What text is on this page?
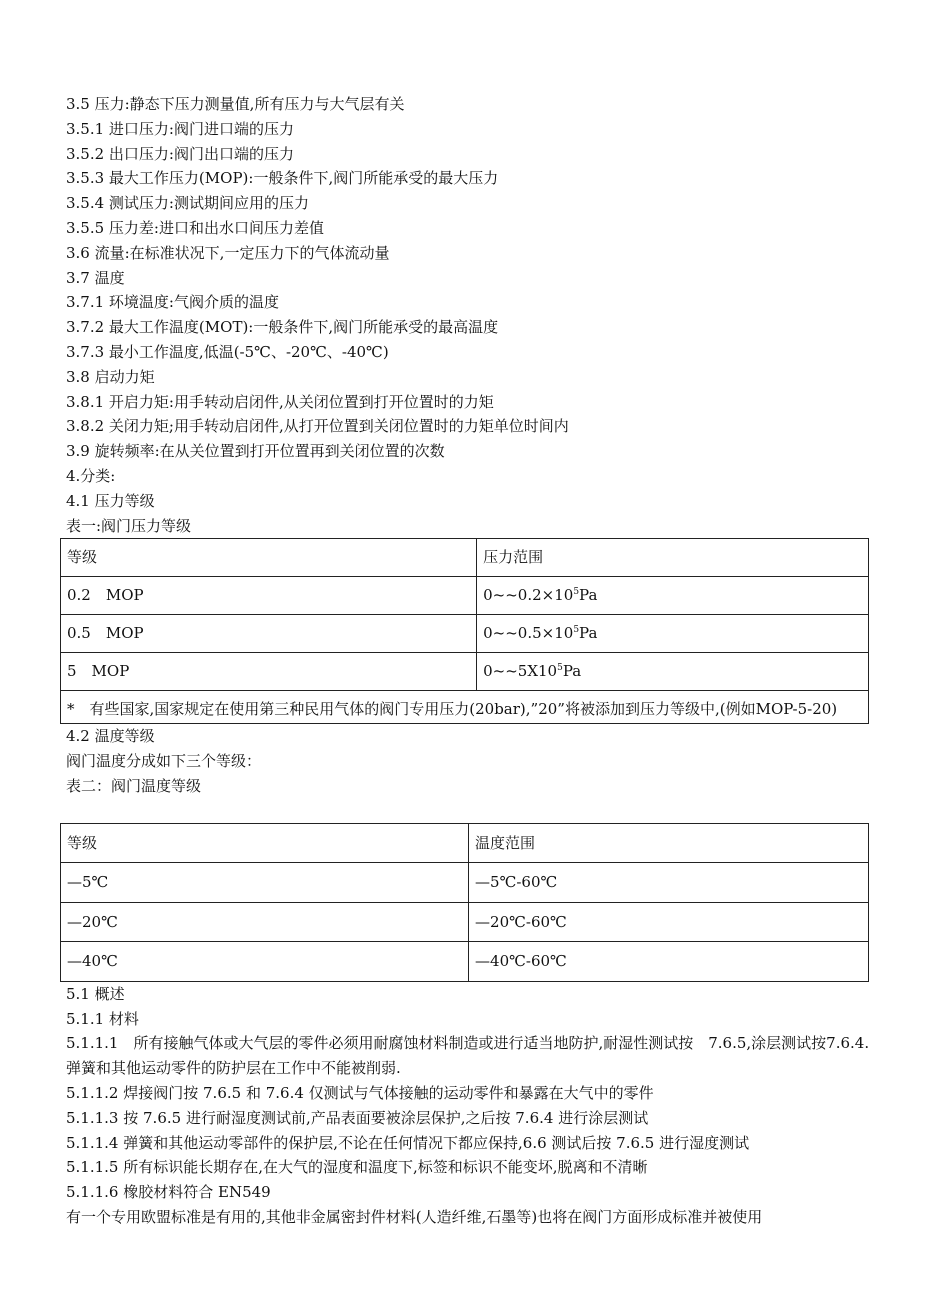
3.5 压力:静态下压力测量值,所有压力与大气层有关
3.5.1 进口压力:阀门进口端的压力
3.5.2 出口压力:阀门出口端的压力
3.5.3 最大工作压力(MOP):一般条件下,阀门所能承受的最大压力
3.5.4 测试压力:测试期间应用的压力
3.5.5 压力差:进口和出水口间压力差值
3.6 流量:在标准状况下,一定压力下的气体流动量
3.7 温度
3.7.1 环境温度:气阀介质的温度
3.7.2 最大工作温度(MOT):一般条件下,阀门所能承受的最高温度
3.7.3 最小工作温度,低温(-5℃、-20℃、-40℃)
3.8 启动力矩
3.8.1 开启力矩:用手转动启闭件,从关闭位置到打开位置时的力矩
3.8.2 关闭力矩;用手转动启闭件,从打开位置到关闭位置时的力矩单位时间内
3.9 旋转频率:在从关位置到打开位置再到关闭位置的次数
4.分类:
4.1 压力等级
表一:阀门压力等级
等级	压力范围
0.2　MOP	$0\sim\sim 0.2\times 10^5Pa$
0.5　MOP	$0\sim\sim 0.5\times 10^5Pa$
5　MOP	$0\sim\sim 5X10^5Pa$
*　有些国家,国家规定在使用第三种民用气体的阀门专用压力(20bar),”20”将被添加到压力等级中,(例如MOP-5-20)	
4.2 温度等级
阀门温度分成如下三个等级：
表二：阀门温度等级
等级	温度范围
—5℃	—5℃-60℃
—20℃	—20℃-60℃
—40℃	—40℃-60℃
5.1 概述
5.1.1 材料
5.1.1.1　所有接触气体或大气层的零件必须用耐腐蚀材料制造或进行适当地防护,耐湿性测试按　7.6.5,涂层测试按7.6.4.
弹簧和其他运动零件的防护层在工作中不能被削弱.
5.1.1.2 焊接阀门按 7.6.5 和 7.6.4 仅测试与气体接触的运动零件和暴露在大气中的零件
5.1.1.3 按 7.6.5 进行耐湿度测试前,产品表面要被涂层保护,之后按 7.6.4 进行涂层测试
5.1.1.4 弹簧和其他运动零部件的保护层,不论在任何情况下都应保持,6.6 测试后按 7.6.5 进行湿度测试
5.1.1.5 所有标识能长期存在,在大气的湿度和温度下,标签和标识不能变坏,脱离和不清晰
5.1.1.6 橡胶材料符合 EN549
有一个专用欧盟标准是有用的,其他非金属密封件材料(人造纤维,石墨等)也将在阀门方面形成标准并被使用
